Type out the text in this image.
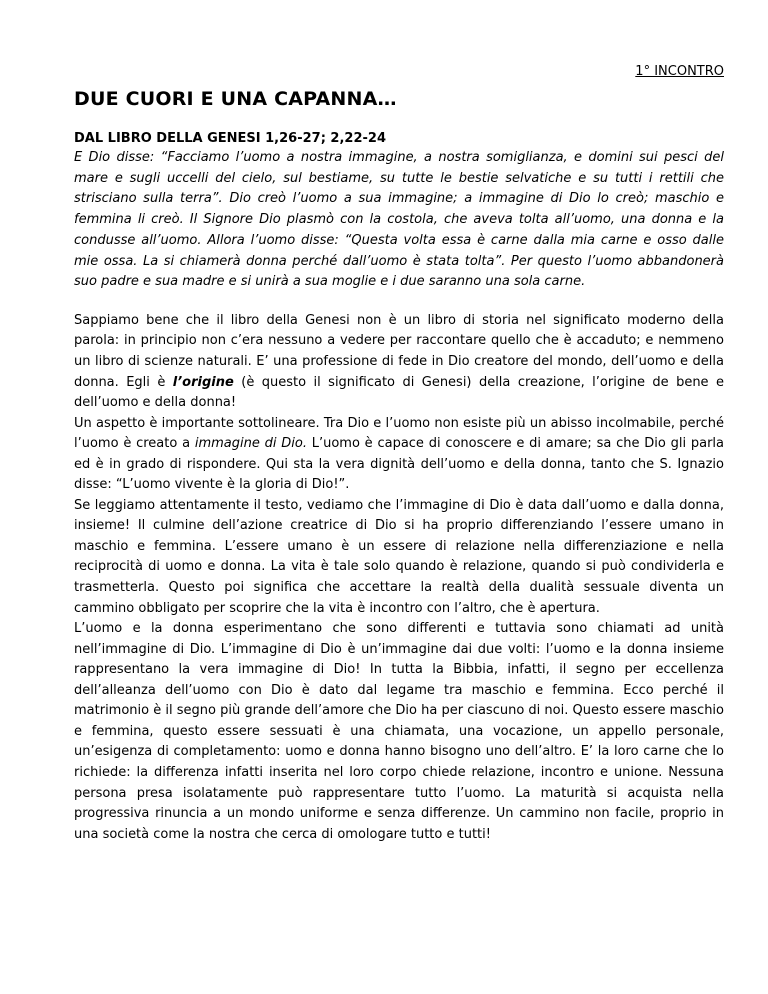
1° INCONTRO

DUE CUORI E UNA CAPANNA…
DAL LIBRO DELLA GENESI 1,26-27; 2,22-24

E Dio disse: “Facciamo l’uomo a nostra immagine, a nostra somiglianza, e domini sui pesci del mare e sugli uccelli del cielo, sul bestiame, su tutte le bestie selvatiche e su tutti i rettili che strisciano sulla terra”. Dio creò l’uomo a sua immagine; a immagine di Dio lo creò; maschio e femmina li creò. Il Signore Dio plasmò con la costola, che aveva tolta all’uomo, una donna e la condusse all’uomo. Allora l’uomo disse: “Questa volta essa è carne dalla mia carne e osso dalle mie ossa. La si chiamerà donna perché dall’uomo è stata tolta”. Per questo l’uomo abbandonerà suo padre e sua madre e si unirà a sua moglie e i due saranno una sola carne.

Sappiamo bene che il libro della Genesi non è un libro di storia nel significato moderno della parola: in principio non c’era nessuno a vedere per raccontare quello che è accaduto; e nemmeno un libro di scienze naturali. E’ una professione di fede in Dio creatore del mondo, dell’uomo e della donna. Egli è l’origine (è questo il significato di Genesi) della creazione, l’origine de bene e dell’uomo e della donna!

Un aspetto è importante sottolineare. Tra Dio e l’uomo non esiste più un abisso incolmabile, perché l’uomo è creato a immagine di Dio. L’uomo è capace di conoscere e di amare; sa che Dio gli parla ed è in grado di rispondere. Qui sta la vera dignità dell’uomo e della donna, tanto che S. Ignazio disse: “L’uomo vivente è la gloria di Dio!”.

Se leggiamo attentamente il testo, vediamo che l’immagine di Dio è data dall’uomo e dalla donna, insieme! Il culmine dell’azione creatrice di Dio si ha proprio differenziando l’essere umano in maschio e femmina. L’essere umano è un essere di relazione nella differenziazione e nella reciprocità di uomo e donna. La vita è tale solo quando è relazione, quando si può condividerla e trasmetterla. Questo poi significa che accettare la realtà della dualità sessuale diventa un cammino obbligato per scoprire che la vita è incontro con l’altro, che è apertura.

L’uomo e la donna esperimentano che sono differenti e tuttavia sono chiamati ad unità nell’immagine di Dio. L’immagine di Dio è un’immagine dai due volti: l’uomo e la donna insieme rappresentano la vera immagine di Dio! In tutta la Bibbia, infatti, il segno per eccellenza dell’alleanza dell’uomo con Dio è dato dal legame tra maschio e femmina. Ecco perché il matrimonio è il segno più grande dell’amore che Dio ha per ciascuno di noi. Questo essere maschio e femmina, questo essere sessuati è una chiamata, una vocazione, un appello personale, un’esigenza di completamento: uomo e donna hanno bisogno uno dell’altro. E’ la loro carne che lo richiede: la differenza infatti inserita nel loro corpo chiede relazione, incontro e unione. Nessuna persona presa isolatamente può rappresentare tutto l’uomo. La maturità si acquista nella progressiva rinuncia a un mondo uniforme e senza differenze. Un cammino non facile, proprio in una società come la nostra che cerca di omologare tutto e tutti!
